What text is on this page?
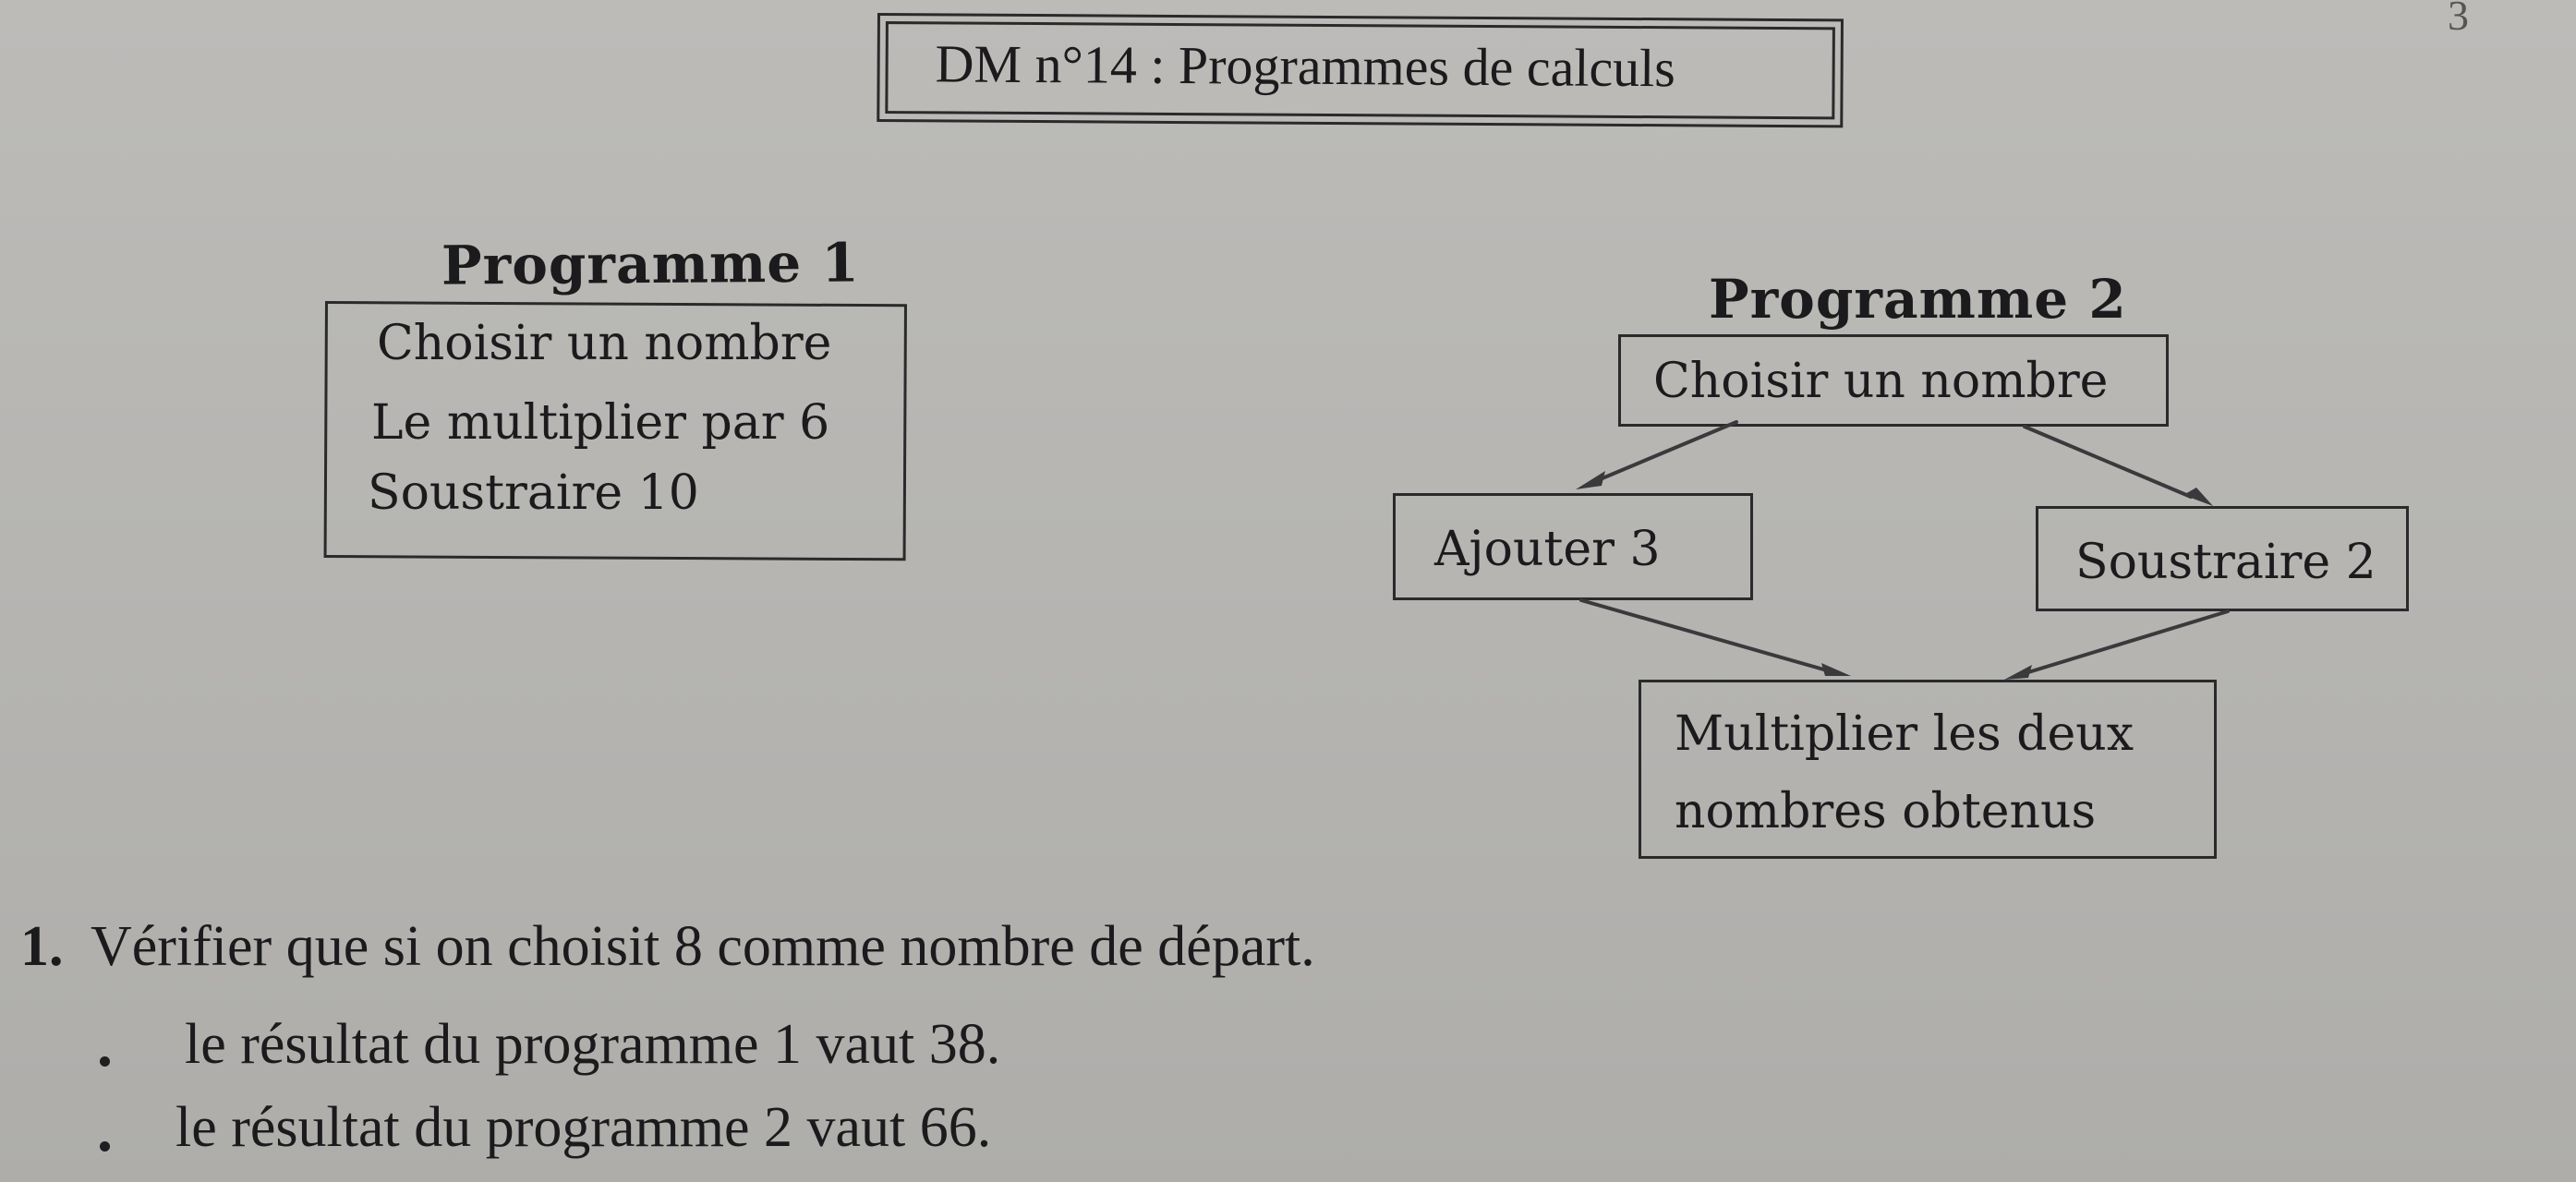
3
DM n°14 : Programmes de calculs
Programme 1
Choisir un nombre
Le multiplier par 6
Soustraire 10
Programme 2
Choisir un nombre
Ajouter 3	Soustraire 2
Multiplier les deux
nombres obtenus
1. Vérifier que si on choisit 8 comme nombre de départ.
le résultat du programme 1 vaut 38.
le résultat du programme 2 vaut 66.
